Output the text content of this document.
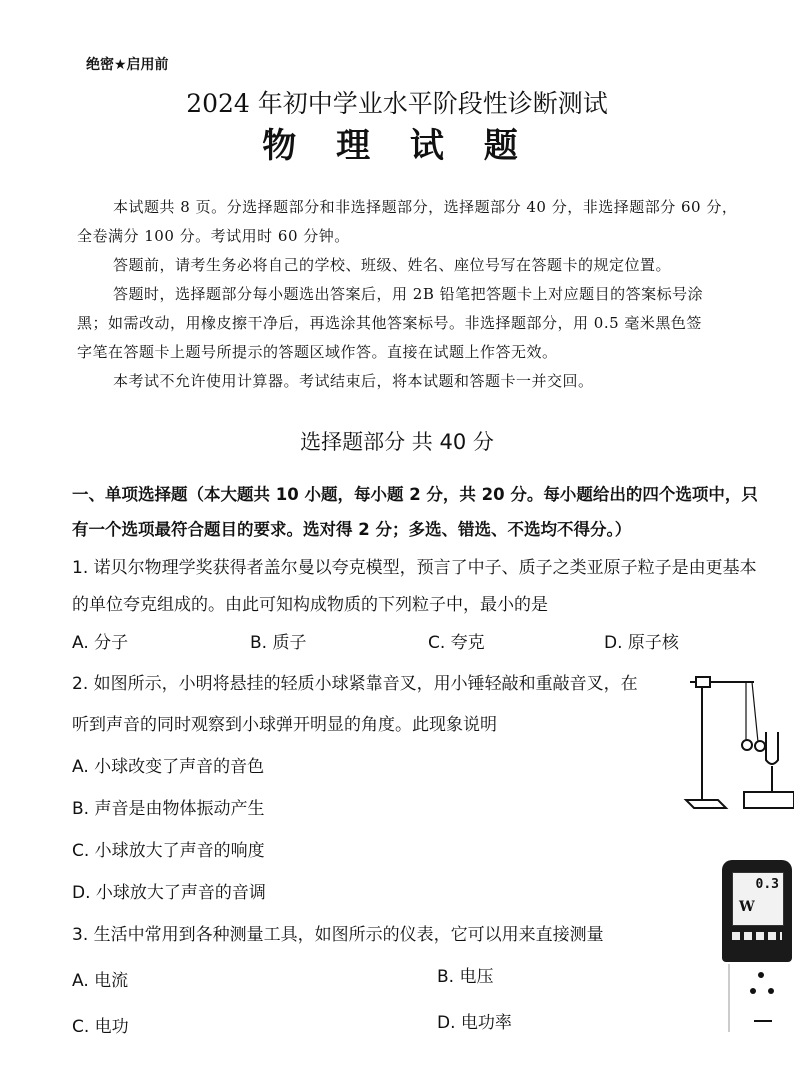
绝密★启用前
2024 年初中学业水平阶段性诊断测试
物 理 试 题
本试题共 8 页。分选择题部分和非选择题部分，选择题部分 40 分，非选择题部分 60 分，
全卷满分 100 分。考试用时 60 分钟。
答题前，请考生务必将自己的学校、班级、姓名、座位号写在答题卡的规定位置。
答题时，选择题部分每小题选出答案后，用 2B 铅笔把答题卡上对应题目的答案标号涂
黑；如需改动，用橡皮擦干净后，再选涂其他答案标号。非选择题部分，用 0.5 毫米黑色签
字笔在答题卡上题号所提示的答题区域作答。直接在试题上作答无效。
本考试不允许使用计算器。考试结束后，将本试题和答题卡一并交回。
选择题部分 共 40 分
一、单项选择题（本大题共 10 小题，每小题 2 分，共 20 分。每小题给出的四个选项中，只
有一个选项最符合题目的要求。选对得 2 分；多选、错选、不选均不得分。）
1. 诺贝尔物理学奖获得者盖尔曼以夸克模型，预言了中子、质子之类亚原子粒子是由更基本
的单位夸克组成的。由此可知构成物质的下列粒子中，最小的是
A. 分子	B. 质子	C. 夸克	D. 原子核
2. 如图所示，小明将悬挂的轻质小球紧靠音叉，用小锤轻敲和重敲音叉，在
听到声音的同时观察到小球弹开明显的角度。此现象说明
A. 小球改变了声音的音色
B. 声音是由物体振动产生
C. 小球放大了声音的响度
D. 小球放大了声音的音调
3. 生活中常用到各种测量工具，如图所示的仪表，它可以用来直接测量
A. 电流	B. 电压
C. 电功	D. 电功率
0.3
W
